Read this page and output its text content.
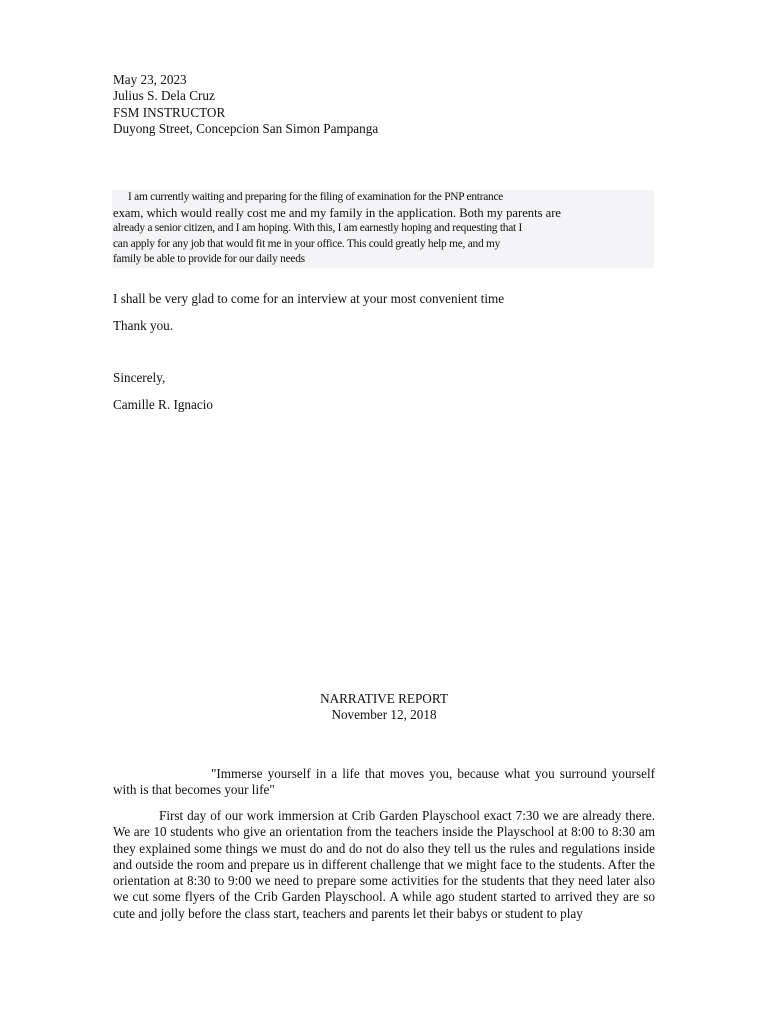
May 23, 2023
Julius S. Dela Cruz
FSM INSTRUCTOR
Duyong Street, Concepcion San Simon Pampanga
I am currently waiting and preparing for the filing of examination for the PNP entrance
exam, which would really cost me and my family in the application. Both my parents are
already a senior citizen, and I am hoping. With this, I am earnestly hoping and requesting that I
can apply for any job that would fit me in your office. This could greatly help me, and my
family be able to provide for our daily needs
I shall be very glad to come for an interview at your most convenient time
Thank you.
Sincerely,
Camille R. Ignacio
NARRATIVE REPORT
November 12, 2018
"Immerse yourself in a life that moves you, because what you surround yourself with is that becomes your life"
First day of our work immersion at Crib Garden Playschool exact 7:30 we are already there. We are 10 students who give an orientation from the teachers inside the Playschool at 8:00 to 8:30 am they explained some things we must do and do not do also they tell us the rules and regulations inside and outside the room and prepare us in different challenge that we might face to the students. After the orientation at 8:30 to 9:00 we need to prepare some activities for the students that they need later also we cut some flyers of the Crib Garden Playschool. A while ago student started to arrived they are so cute and jolly before the class start, teachers and parents let their babys or student to play
